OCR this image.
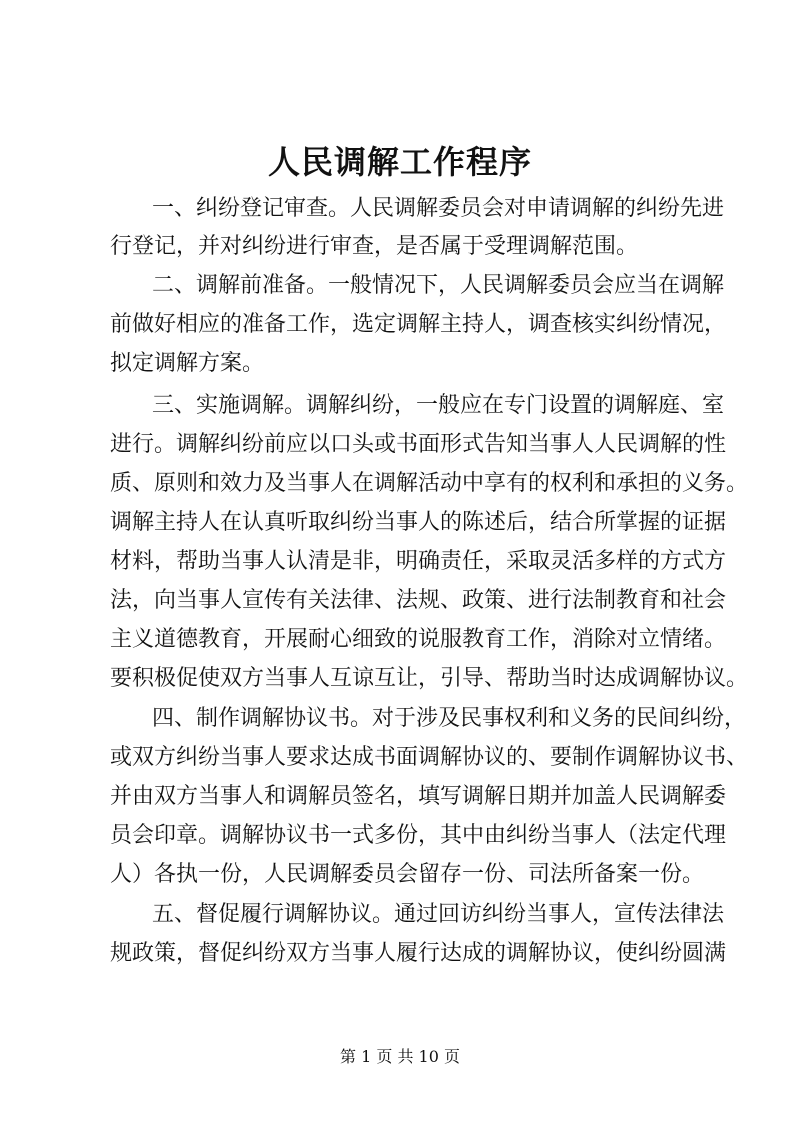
人民调解工作程序
一、纠纷登记审查。人民调解委员会对申请调解的纠纷先进
行登记，并对纠纷进行审查，是否属于受理调解范围。
二、调解前准备。一般情况下，人民调解委员会应当在调解
前做好相应的准备工作，选定调解主持人，调查核实纠纷情况，
拟定调解方案。
三、实施调解。调解纠纷，一般应在专门设置的调解庭、室
进行。调解纠纷前应以口头或书面形式告知当事人人民调解的性
质、原则和效力及当事人在调解活动中享有的权利和承担的义务。
调解主持人在认真听取纠纷当事人的陈述后，结合所掌握的证据
材料，帮助当事人认清是非，明确责任，采取灵活多样的方式方
法，向当事人宣传有关法律、法规、政策、进行法制教育和社会
主义道德教育，开展耐心细致的说服教育工作，消除对立情绪。
要积极促使双方当事人互谅互让，引导、帮助当时达成调解协议。
四、制作调解协议书。对于涉及民事权利和义务的民间纠纷，
或双方纠纷当事人要求达成书面调解协议的、要制作调解协议书、
并由双方当事人和调解员签名，填写调解日期并加盖人民调解委
员会印章。调解协议书一式多份，其中由纠纷当事人（法定代理
人）各执一份，人民调解委员会留存一份、司法所备案一份。
五、督促履行调解协议。通过回访纠纷当事人，宣传法律法
规政策，督促纠纷双方当事人履行达成的调解协议，使纠纷圆满
第 1 页 共 10 页
